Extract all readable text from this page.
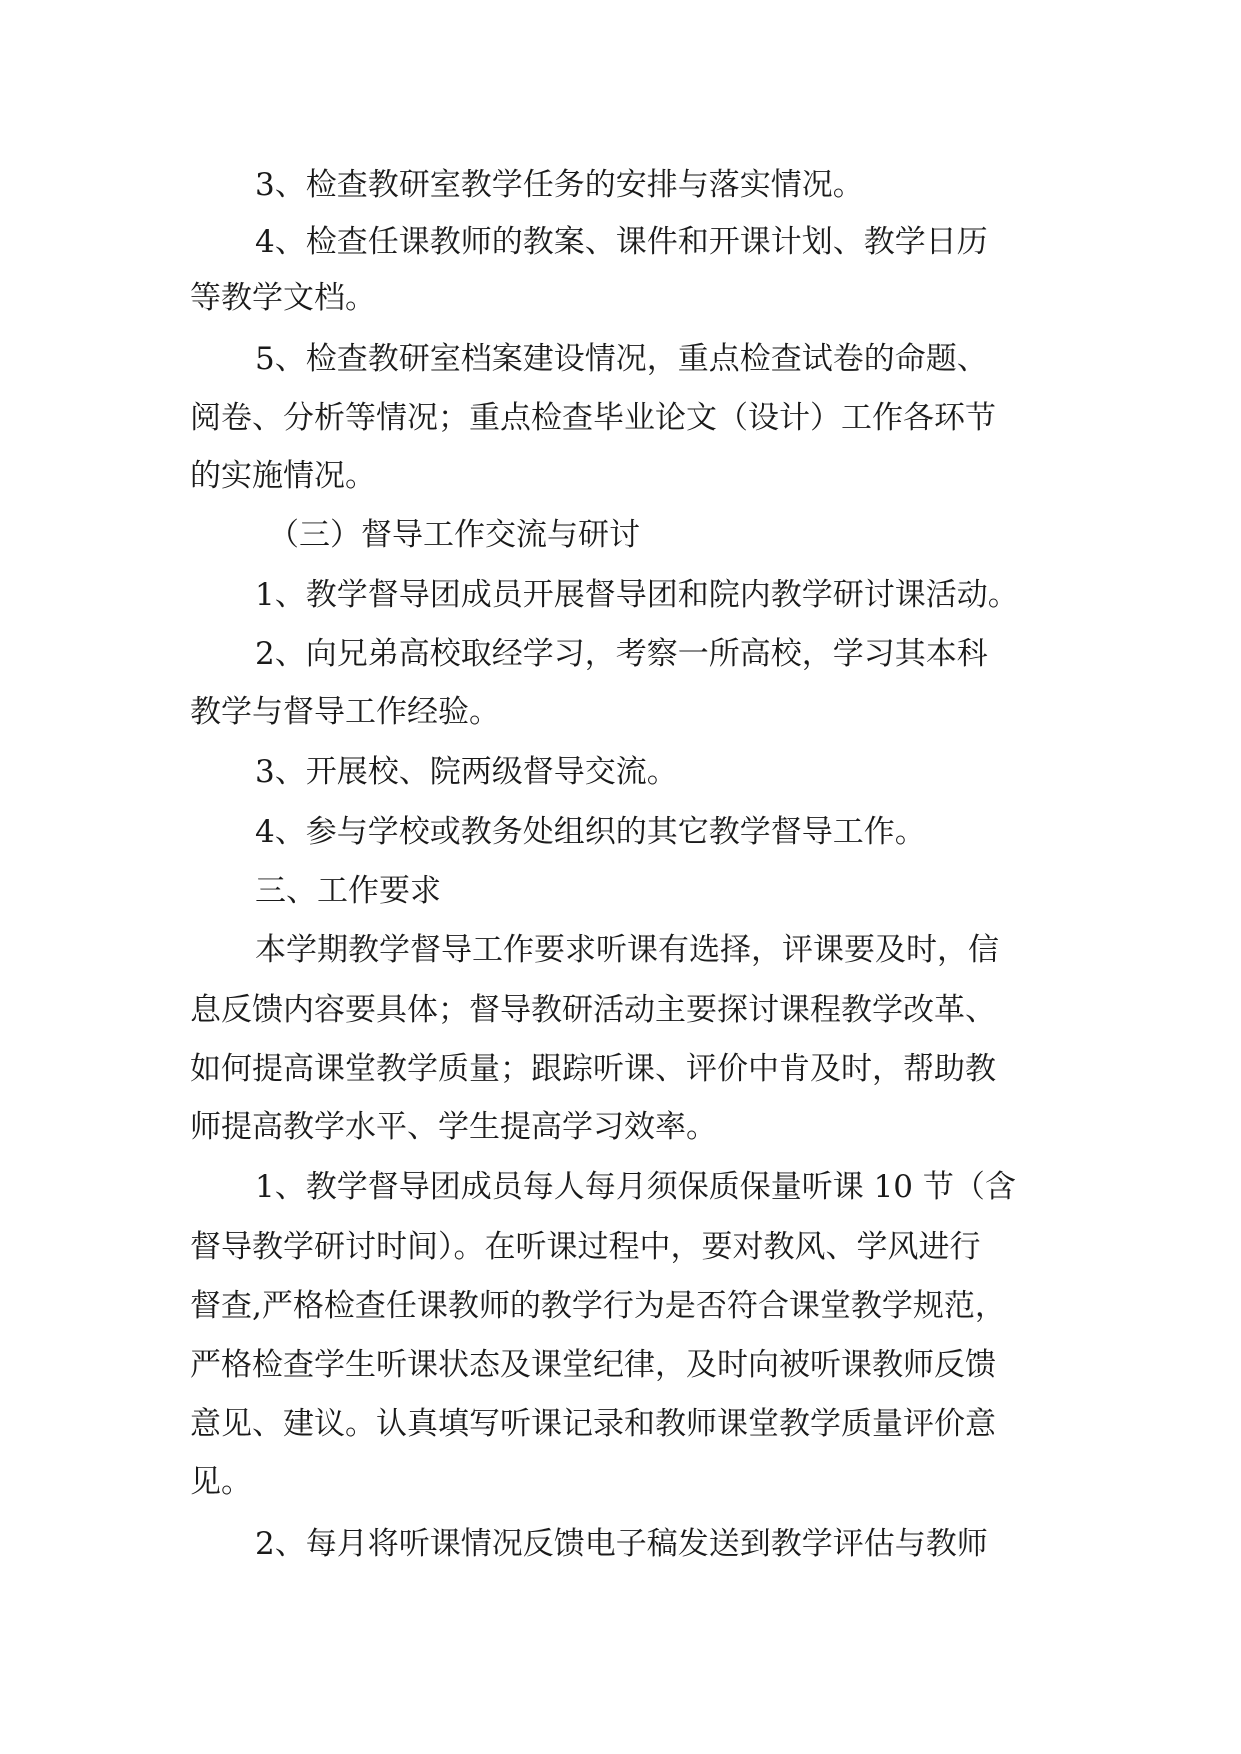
3、检查教研室教学任务的安排与落实情况。
4、检查任课教师的教案、课件和开课计划、教学日历
等教学文档。
5、检查教研室档案建设情况，重点检查试卷的命题、
阅卷、分析等情况；重点检查毕业论文（设计）工作各环节
的实施情况。
（三）督导工作交流与研讨
1、教学督导团成员开展督导团和院内教学研讨课活动。
2、向兄弟高校取经学习，考察一所高校，学习其本科
教学与督导工作经验。
3、开展校、院两级督导交流。
4、参与学校或教务处组织的其它教学督导工作。
三、工作要求
本学期教学督导工作要求听课有选择，评课要及时，信
息反馈内容要具体；督导教研活动主要探讨课程教学改革、
如何提高课堂教学质量；跟踪听课、评价中肯及时，帮助教
师提高教学水平、学生提高学习效率。
1、教学督导团成员每人每月须保质保量听课 10 节（含
督导教学研讨时间）。在听课过程中，要对教风、学风进行
督查,严格检查任课教师的教学行为是否符合课堂教学规范，
严格检查学生听课状态及课堂纪律，及时向被听课教师反馈
意见、建议。认真填写听课记录和教师课堂教学质量评价意
见。
2、每月将听课情况反馈电子稿发送到教学评估与教师
